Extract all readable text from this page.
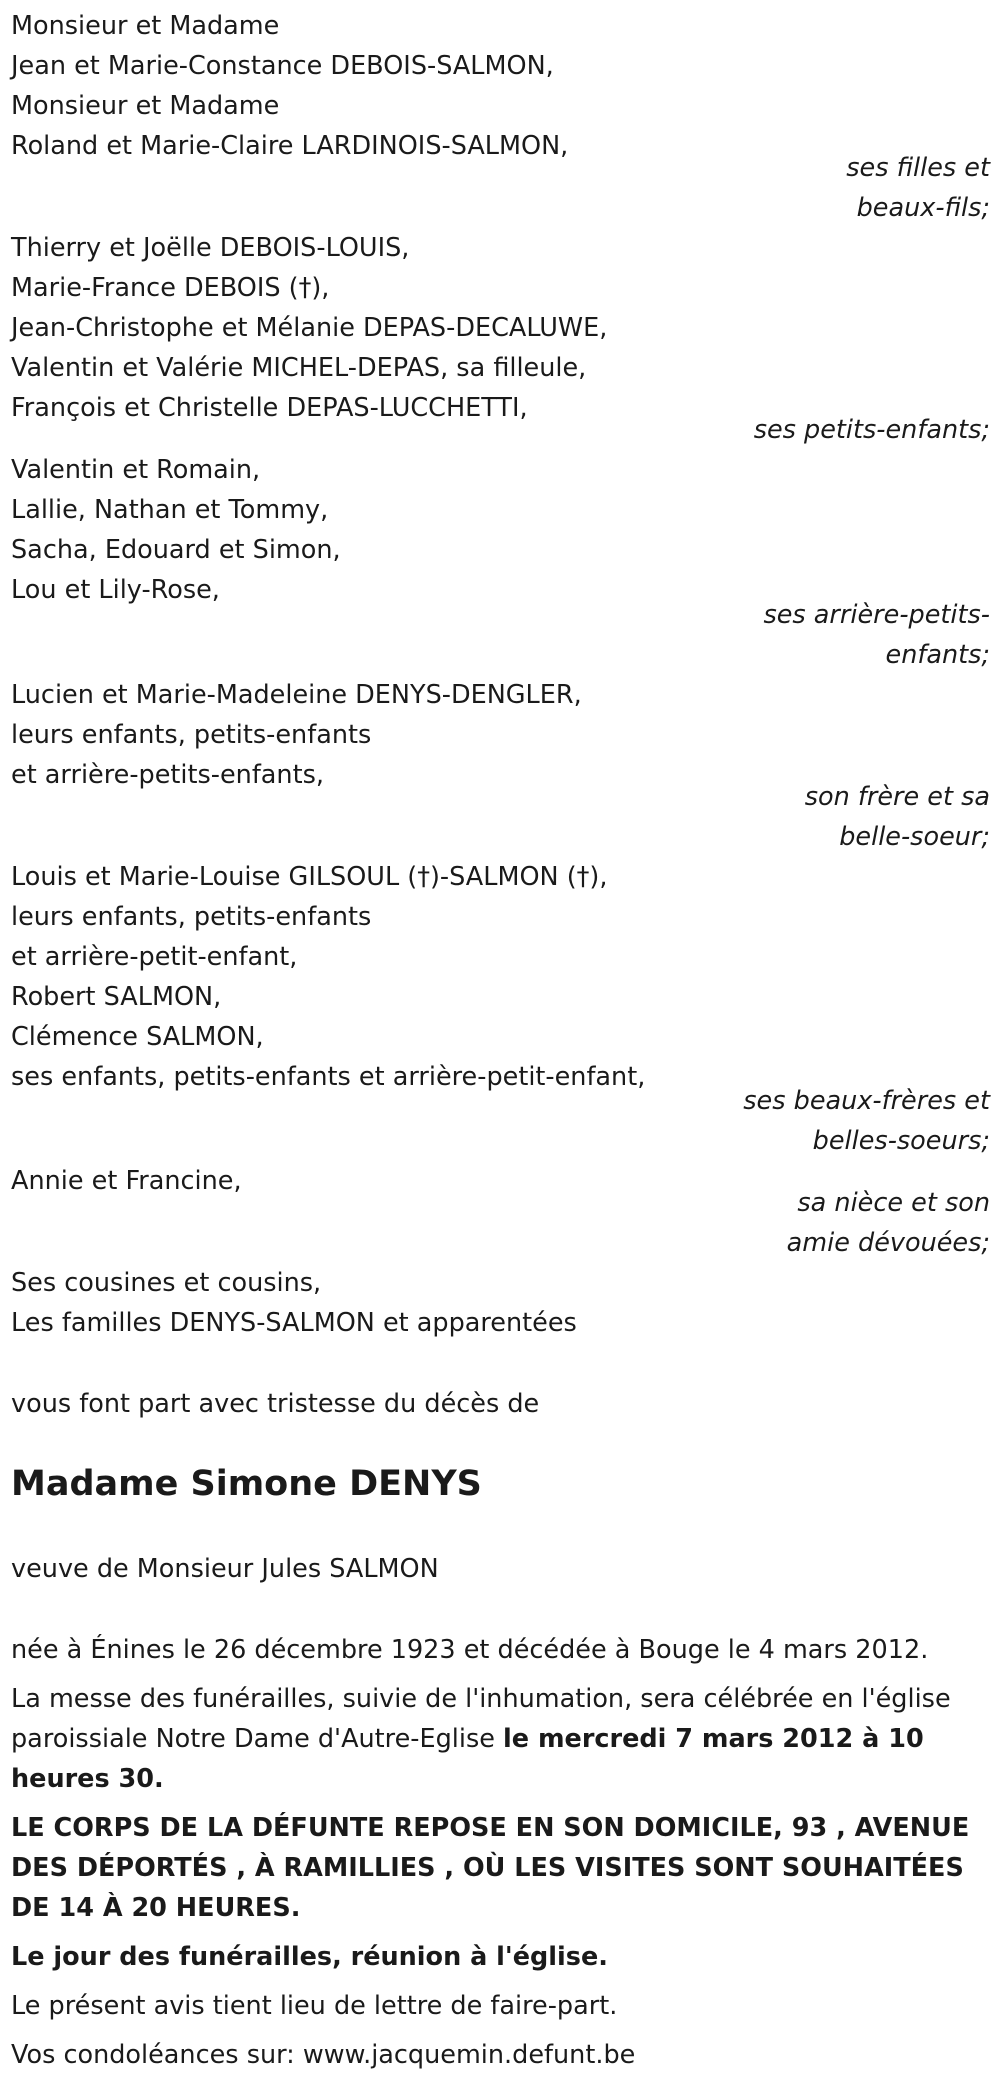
Monsieur et Madame
Jean et Marie-Constance DEBOIS-SALMON,
Monsieur et Madame
Roland et Marie-Claire LARDINOIS-SALMON,
ses filles et
beaux-fils;
Thierry et Joëlle DEBOIS-LOUIS,
Marie-France DEBOIS (†),
Jean-Christophe et Mélanie DEPAS-DECALUWE,
Valentin et Valérie MICHEL-DEPAS, sa filleule,
François et Christelle DEPAS-LUCCHETTI,
ses petits-enfants;
Valentin et Romain,
Lallie, Nathan et Tommy,
Sacha, Edouard et Simon,
Lou et Lily-Rose,
ses arrière-petits-
enfants;
Lucien et Marie-Madeleine DENYS-DENGLER,
leurs enfants, petits-enfants
et arrière-petits-enfants,
son frère et sa
belle-soeur;
Louis et Marie-Louise GILSOUL (†)-SALMON (†),
leurs enfants, petits-enfants
et arrière-petit-enfant,
Robert SALMON,
Clémence SALMON,
ses enfants, petits-enfants et arrière-petit-enfant,
ses beaux-frères et
belles-soeurs;
Annie et Francine,
sa nièce et son
amie dévouées;
Ses cousines et cousins,
Les familles DENYS-SALMON et apparentées
vous font part avec tristesse du décès de
Madame Simone DENYS
veuve de Monsieur Jules SALMON

née à Énines le 26 décembre 1923 et décédée à Bouge le 4 mars 2012.

La messe des funérailles, suivie de l'inhumation, sera célébrée en l'église paroissiale Notre Dame d'Autre-Eglise le mercredi 7 mars 2012 à 10 heures 30.

LE CORPS DE LA DÉFUNTE REPOSE EN SON DOMICILE, 93 , AVENUE DES DÉPORTÉS , À RAMILLIES , OÙ LES VISITES SONT SOUHAITÉES DE 14 À 20 HEURES.

Le jour des funérailles, réunion à l'église.

Le présent avis tient lieu de lettre de faire-part.

Vos condoléances sur: www.jacquemin.defunt.be
